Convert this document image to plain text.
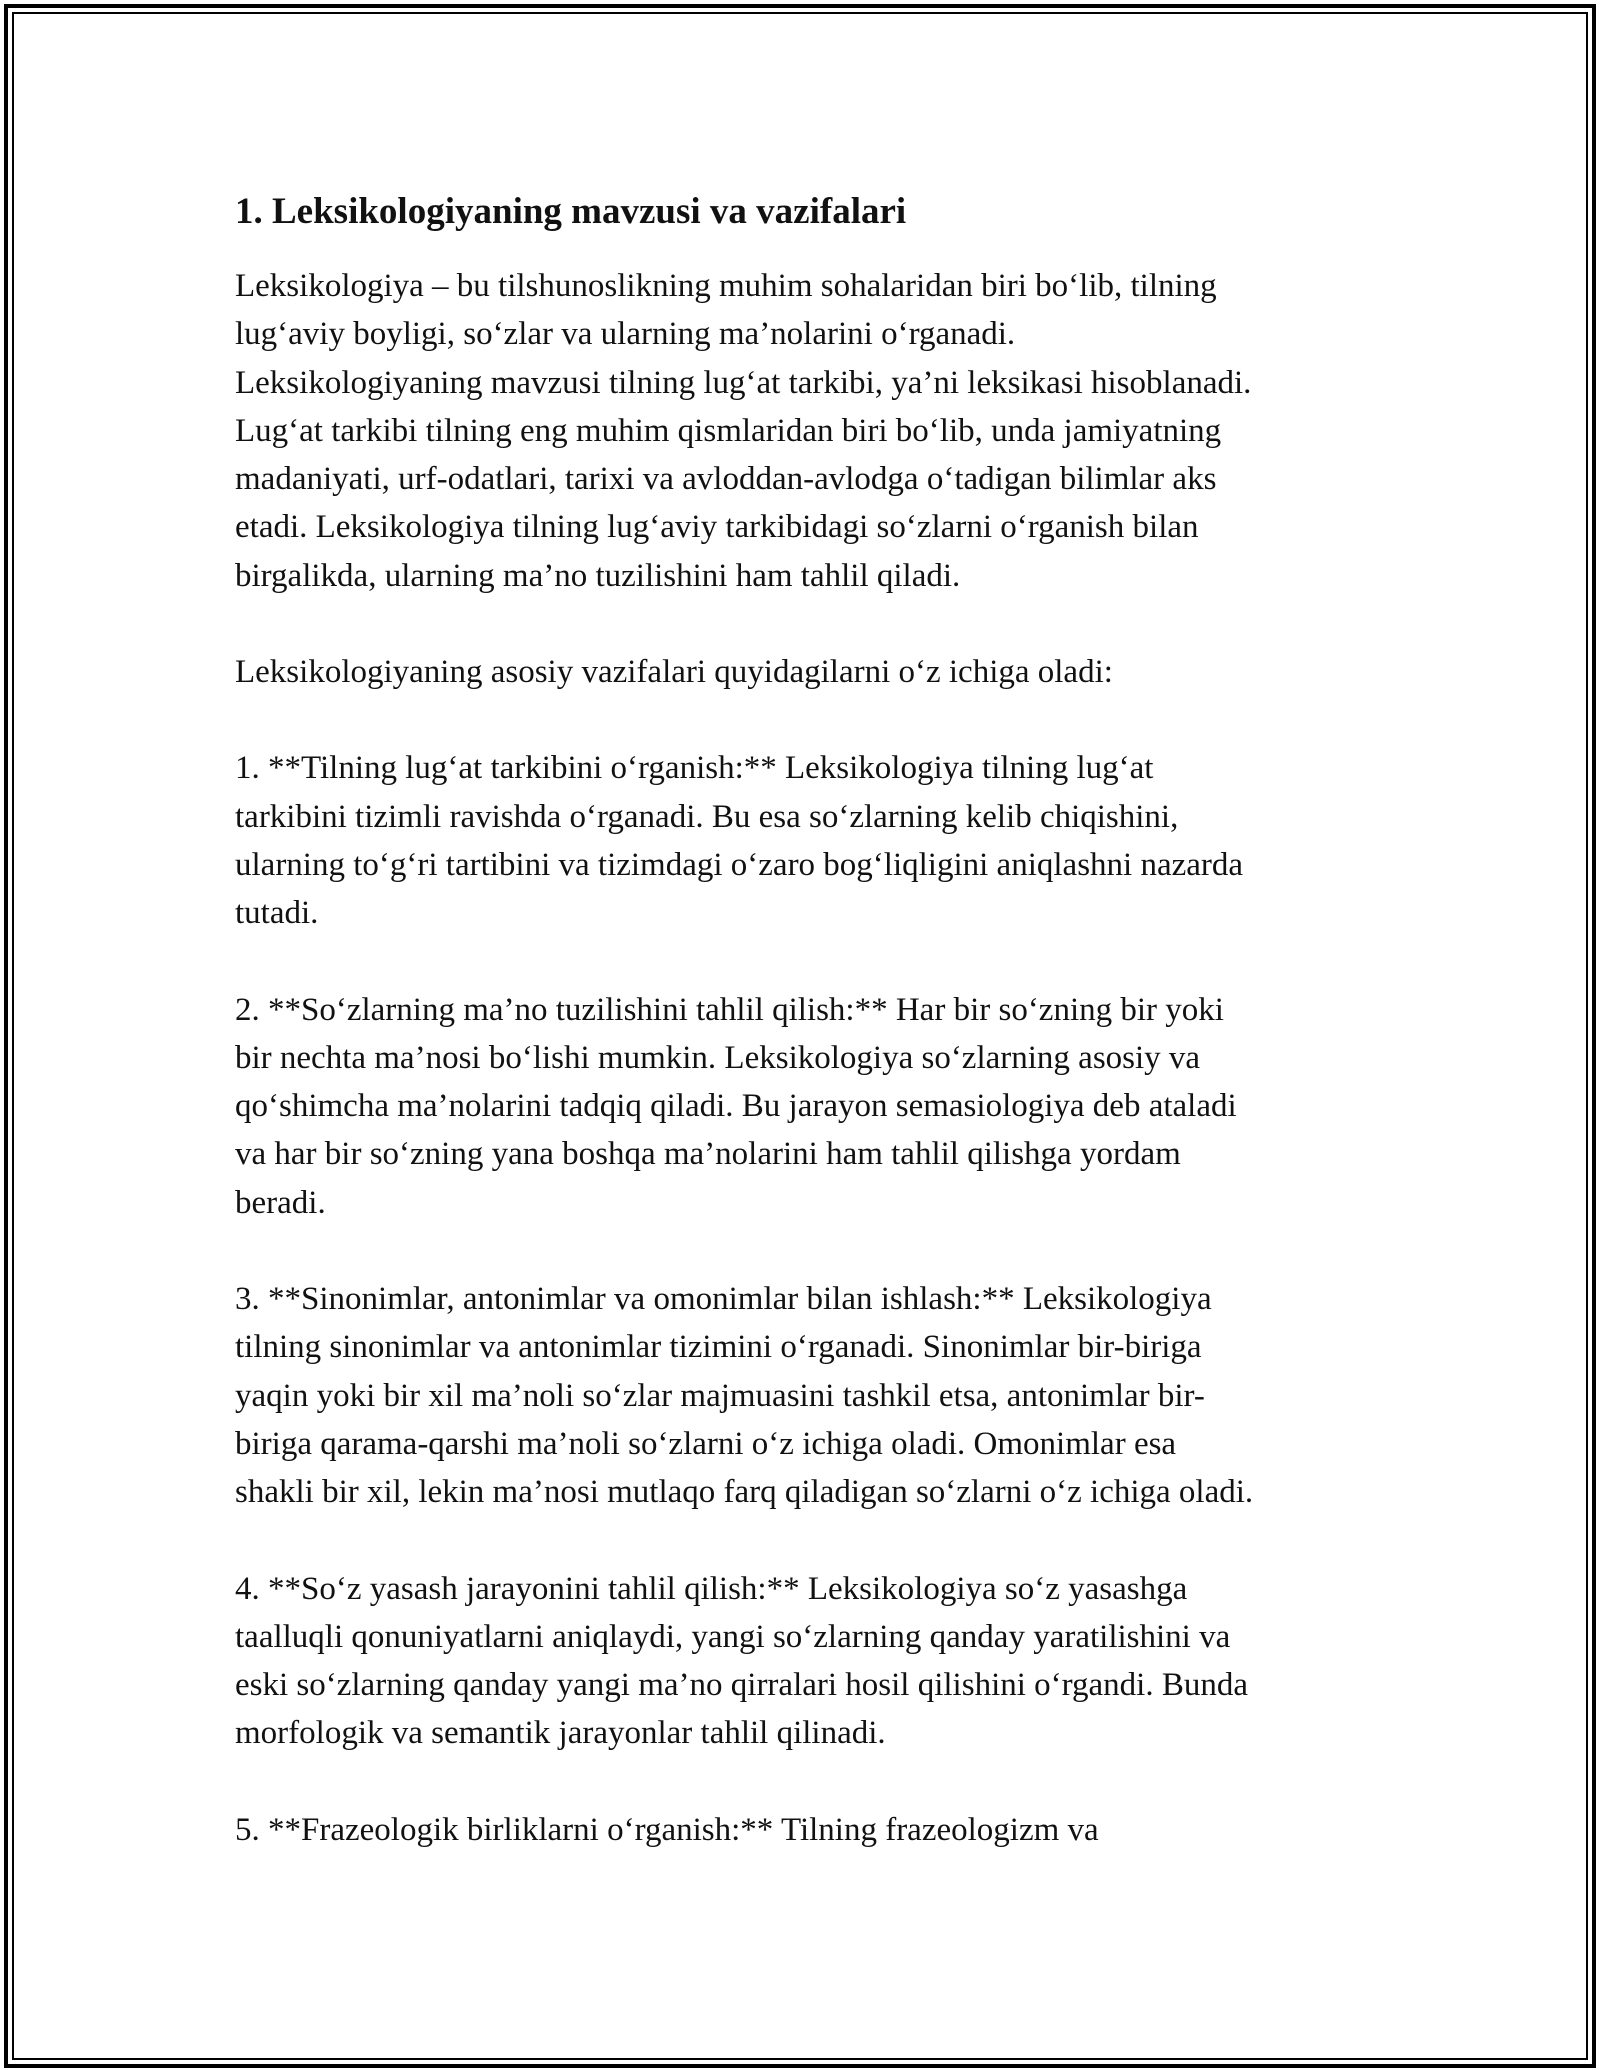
1. Leksikologiyaning mavzusi va vazifalari

Leksikologiya – bu tilshunoslikning muhim sohalaridan biri bo‘lib, tilning
lug‘aviy boyligi, so‘zlar va ularning ma’nolarini o‘rganadi.
Leksikologiyaning mavzusi tilning lug‘at tarkibi, ya’ni leksikasi hisoblanadi.
Lug‘at tarkibi tilning eng muhim qismlaridan biri bo‘lib, unda jamiyatning
madaniyati, urf-odatlari, tarixi va avloddan-avlodga o‘tadigan bilimlar aks
etadi. Leksikologiya tilning lug‘aviy tarkibidagi so‘zlarni o‘rganish bilan
birgalikda, ularning ma’no tuzilishini ham tahlil qiladi.

Leksikologiyaning asosiy vazifalari quyidagilarni o‘z ichiga oladi:

1. **Tilning lug‘at tarkibini o‘rganish:** Leksikologiya tilning lug‘at
tarkibini tizimli ravishda o‘rganadi. Bu esa so‘zlarning kelib chiqishini,
ularning to‘g‘ri tartibini va tizimdagi o‘zaro bog‘liqligini aniqlashni nazarda
tutadi.

2. **So‘zlarning ma’no tuzilishini tahlil qilish:** Har bir so‘zning bir yoki
bir nechta ma’nosi bo‘lishi mumkin. Leksikologiya so‘zlarning asosiy va
qo‘shimcha ma’nolarini tadqiq qiladi. Bu jarayon semasiologiya deb ataladi
va har bir so‘zning yana boshqa ma’nolarini ham tahlil qilishga yordam
beradi.

3. **Sinonimlar, antonimlar va omonimlar bilan ishlash:** Leksikologiya
tilning sinonimlar va antonimlar tizimini o‘rganadi. Sinonimlar bir-biriga
yaqin yoki bir xil ma’noli so‘zlar majmuasini tashkil etsa, antonimlar bir-
biriga qarama-qarshi ma’noli so‘zlarni o‘z ichiga oladi. Omonimlar esa
shakli bir xil, lekin ma’nosi mutlaqo farq qiladigan so‘zlarni o‘z ichiga oladi.

4. **So‘z yasash jarayonini tahlil qilish:** Leksikologiya so‘z yasashga
taalluqli qonuniyatlarni aniqlaydi, yangi so‘zlarning qanday yaratilishini va
eski so‘zlarning qanday yangi ma’no qirralari hosil qilishini o‘rgandi. Bunda
morfologik va semantik jarayonlar tahlil qilinadi.

5. **Frazeologik birliklarni o‘rganish:** Tilning frazeologizm va
